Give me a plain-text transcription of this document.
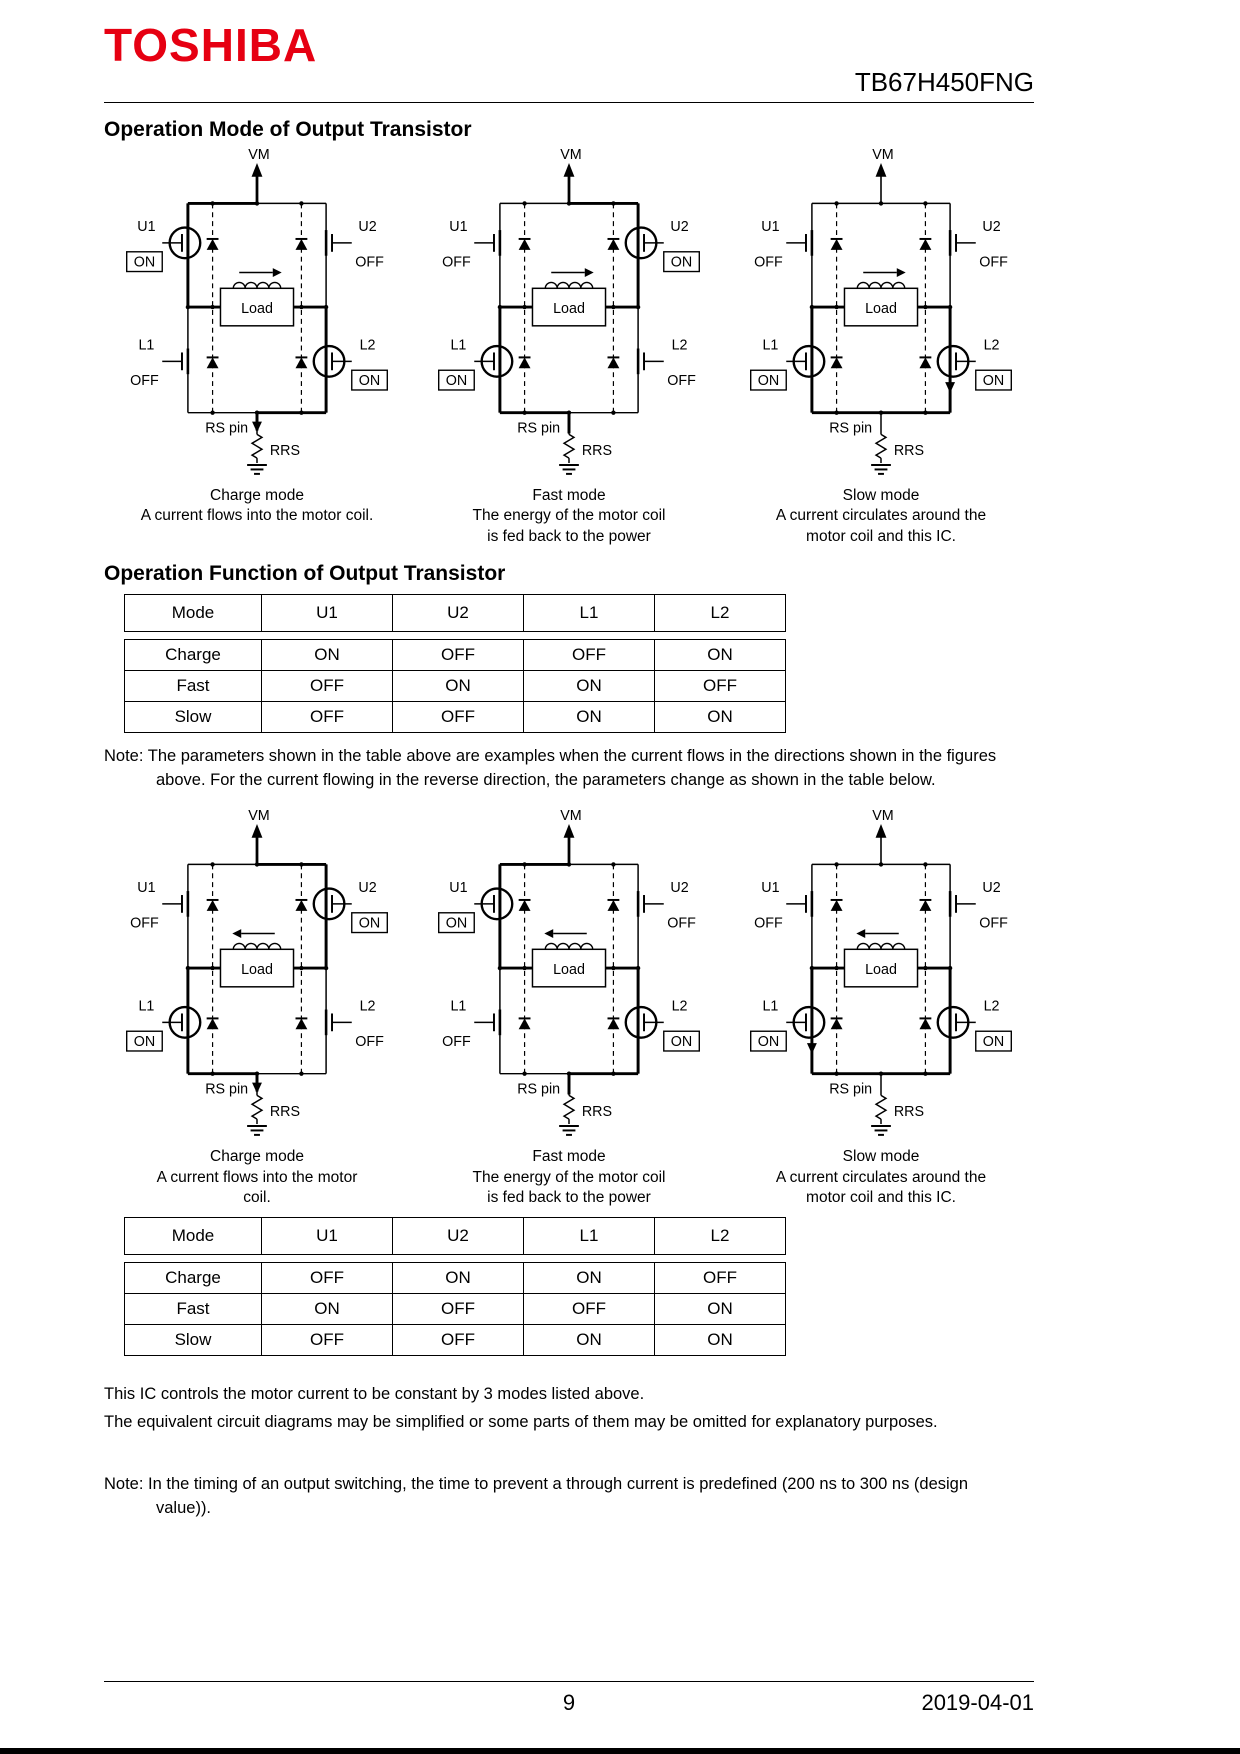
TOSHIBA
TB67H450FNG
Operation Mode of Output Transistor
VM
U1
ON
U2
OFF
L1
OFF
L2
ON
Load
RS pin
RRS
Charge mode
A current flows into the motor coil.
VM
U1
OFF
U2
ON
L1
ON
L2
OFF
Load
RS pin
RRS
Fast mode
The energy of the motor coil
is fed back to the power
VM
U1
OFF
U2
OFF
L1
ON
L2
ON
Load
RS pin
RRS
Slow mode
A current circulates around the
motor coil and this IC.
Operation Function of Output Transistor
Mode	U1	U2	L1	L2
Charge	ON	OFF	OFF	ON
Fast	OFF	ON	ON	OFF
Slow	OFF	OFF	ON	ON

Note: The parameters shown in the table above are examples when the current flows in the directions shown in the figures
above. For the current flowing in the reverse direction, the parameters change as shown in the table below.

VM
U1
OFF
U2
ON
L1
ON
L2
OFF
Load
RS pin
RRS
Charge mode
A current flows into the motor
coil.
VM
U1
ON
U2
OFF
L1
OFF
L2
ON
Load
RS pin
RRS
Fast mode
The energy of the motor coil
is fed back to the power
VM
U1
OFF
U2
OFF
L1
ON
L2
ON
Load
RS pin
RRS
Slow mode
A current circulates around the
motor coil and this IC.
Mode	U1	U2	L1	L2
Charge	OFF	ON	ON	OFF
Fast	ON	OFF	OFF	ON
Slow	OFF	OFF	ON	ON

This IC controls the motor current to be constant by 3 modes listed above.

The equivalent circuit diagrams may be simplified or some parts of them may be omitted for explanatory purposes.

Note: In the timing of an output switching, the time to prevent a through current is predefined (200 ns to 300 ns (design
value)).

9	2019-04-01
